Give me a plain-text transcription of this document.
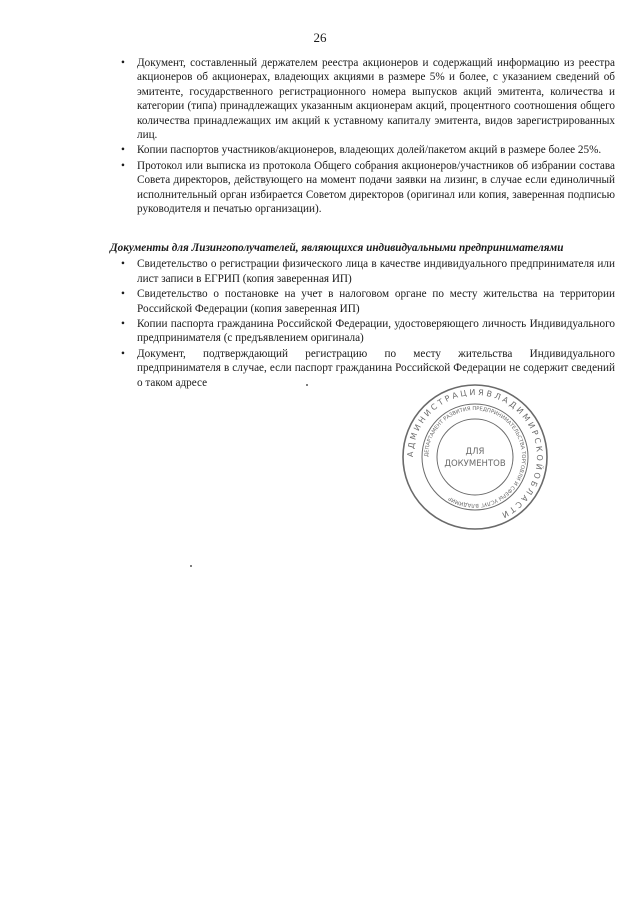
26
•	Документ, составленный держателем реестра акционеров и содержащий информацию из реестра акционеров об акционерах, владеющих акциями в размере 5% и более, с указанием сведений об эмитенте, государственного регистрационного номера выпусков акций эмитента, количества и категории (типа) принадлежащих указанным акционерам акций, процентного соотношения общего количества принадлежащих им акций к уставному капиталу эмитента, видов зарегистрированных лиц.
•	Копии паспортов участников/акционеров, владеющих долей/пакетом акций в размере более 25%.
•	Протокол или выписка из протокола Общего собрания акционеров/участников об избрании состава Совета директоров, действующего на момент подачи заявки на лизинг, в случае если единоличный исполнительный орган избирается Советом директоров (оригинал или копия, заверенная подписью руководителя и печатью организации).
Документы для Лизингополучателей, являющихся индивидуальными предпринимателями
•	Свидетельство о регистрации физического лица в качестве индивидуального предпринимателя или лист записи в ЕГРИП (копия заверенная ИП)
•	Свидетельство о постановке на учет в налоговом органе по месту жительства на территории Российской Федерации (копия заверенная ИП)
•	Копии паспорта гражданина Российской Федерации, удостоверяющего личность Индивидуального предпринимателя (с предъявлением оригинала)
•	Документ, подтверждающий регистрацию по месту жительства Индивидуального предпринимателя в случае, если паспорт гражданина Российской Федерации не содержит сведений о таком адресе
А Д М И Н И С Т Р А Ц И Я В Л А Д И М И Р С К О Й О Б Л А С Т И
ДЕПАРТАМЕНТ РАЗВИТИЯ ПРЕДПРИНИМАТЕЛЬСТВА ТОРГОВЛИ И СФЕРЫ УСЛУГ ВЛАДИМИР
ДЛЯ
ДОКУМЕНТОВ
